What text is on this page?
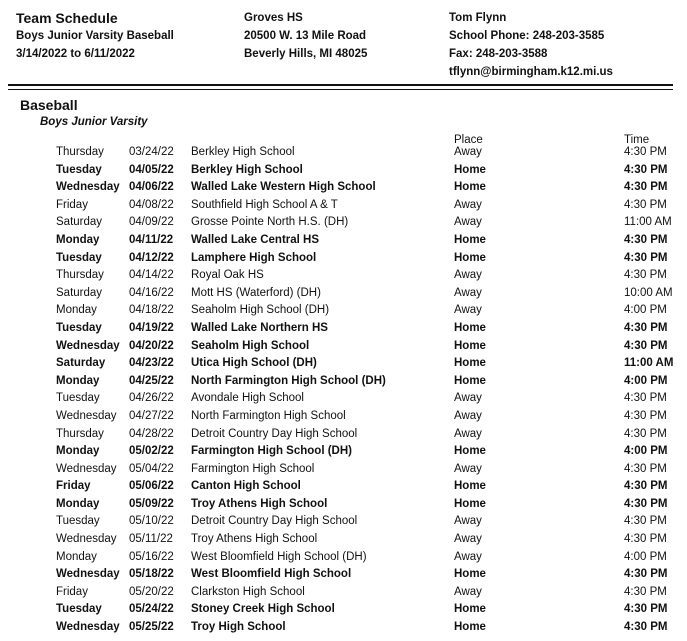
Team Schedule
Boys Junior Varsity Baseball
3/14/2022 to 6/11/2022
Groves HS
20500 W. 13 Mile Road
Beverly Hills, MI 48025
Tom Flynn
School Phone: 248-203-3585
Fax: 248-203-3588
tflynn@birmingham.k12.mi.us
Baseball
Boys Junior Varsity
Place	Time
Thursday 03/24/22 Berkley High School	Away	4:30 PM
Tuesday 04/05/22 Berkley High School	Home	4:30 PM
Wednesday 04/06/22 Walled Lake Western High School	Home	4:30 PM
Friday	04/08/22 Southfield High School A & T	Away	4:30 PM
Saturday 04/09/22 Grosse Pointe North H.S. (DH)	Away	11:00 AM
Monday	04/11/22 Walled Lake Central HS	Home	4:30 PM
Tuesday 04/12/22 Lamphere High School	Home	4:30 PM
Thursday 04/14/22 Royal Oak HS	Away	4:30 PM
Saturday 04/16/22 Mott HS (Waterford) (DH)	Away	10:00 AM
Monday	04/18/22 Seaholm High School (DH)	Away	4:00 PM
Tuesday 04/19/22 Walled Lake Northern HS	Home	4:30 PM
Wednesday 04/20/22 Seaholm High School	Home	4:30 PM
Saturday 04/23/22 Utica High School (DH)	Home	11:00 AM
Monday	04/25/22 North Farmington High School (DH)	Home	4:00 PM
Tuesday	04/26/22 Avondale High School	Away	4:30 PM
Wednesday 04/27/22 North Farmington High School	Away	4:30 PM
Thursday 04/28/22 Detroit Country Day High School	Away	4:30 PM
Monday	05/02/22 Farmington High School (DH)	Home	4:00 PM
Wednesday 05/04/22 Farmington High School	Away	4:30 PM
Friday	05/06/22 Canton High School	Home	4:30 PM
Monday	05/09/22 Troy Athens High School	Home	4:30 PM
Tuesday	05/10/22 Detroit Country Day High School	Away	4:30 PM
Wednesday 05/11/22 Troy Athens High School	Away	4:30 PM
Monday	05/16/22 West Bloomfield High School (DH)	Away	4:00 PM
Wednesday 05/18/22 West Bloomfield High School	Home	4:30 PM
Friday	05/20/22 Clarkston High School	Away	4:30 PM
Tuesday 05/24/22 Stoney Creek High School	Home	4:30 PM
Wednesday 05/25/22 Troy High School	Home	4:30 PM
